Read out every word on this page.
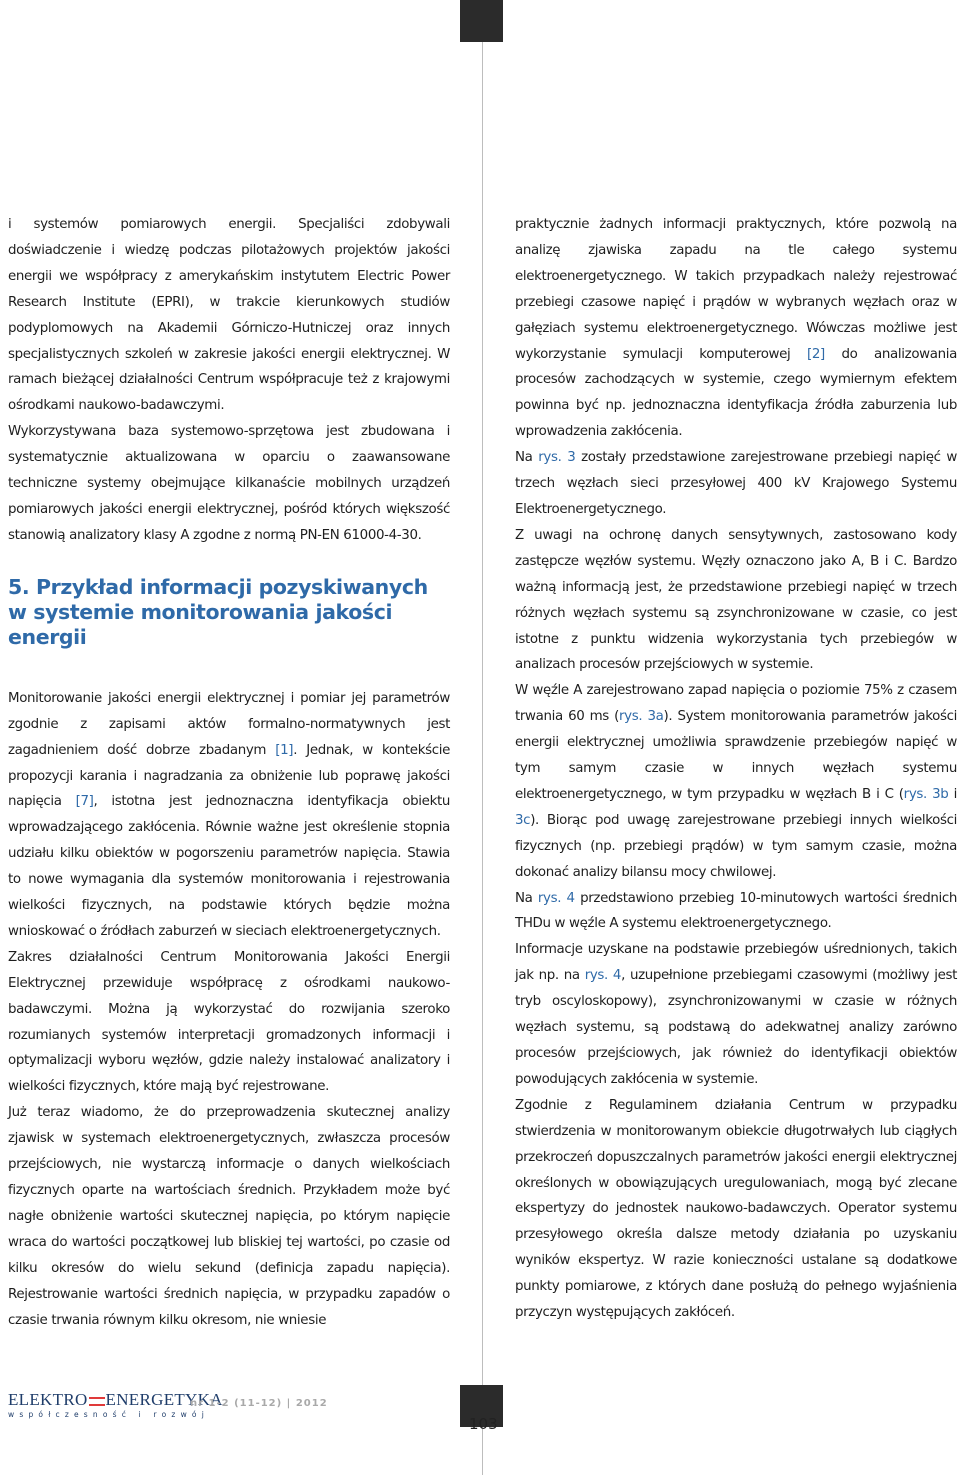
i systemów pomiarowych energii. Specjaliści zdobywali doświadczenie i wiedzę podczas pilotażowych projektów jakości energii we współpracy z amerykańskim instytutem Electric Power Research Institute (EPRI), w trakcie kierunkowych studiów podyplomowych na Akademii Górniczo-Hutniczej oraz innych specjalistycznych szkoleń w zakresie jakości energii elektrycznej. W ramach bieżącej działalności Centrum współpracuje też z krajowymi ośrodkami naukowo-badawczymi.

Wykorzystywana baza systemowo-sprzętowa jest zbudowana i systematycznie aktualizowana w oparciu o zaawansowane techniczne systemy obejmujące kilkanaście mobilnych urządzeń pomiarowych jakości energii elektrycznej, pośród których większość stanowią analizatory klasy A zgodne z normą PN-EN 61000-4-30.

5. Przykład informacji pozyskiwanych w systemie monitorowania jakości energii

Monitorowanie jakości energii elektrycznej i pomiar jej parametrów zgodnie z zapisami aktów formalno-normatywnych jest zagadnieniem dość dobrze zbadanym [1]. Jednak, w kontekście propozycji karania i nagradzania za obniżenie lub poprawę jakości napięcia [7], istotna jest jednoznaczna identyfikacja obiektu wprowadzającego zakłócenia. Równie ważne jest określenie stopnia udziału kilku obiektów w pogorszeniu parametrów napięcia. Stawia to nowe wymagania dla systemów monitorowania i rejestrowania wielkości fizycznych, na podstawie których będzie można wnioskować o źródłach zaburzeń w sieciach elektroenergetycznych.

Zakres działalności Centrum Monitorowania Jakości Energii Elektrycznej przewiduje współpracę z ośrodkami naukowo-badawczymi. Można ją wykorzystać do rozwijania szeroko rozumianych systemów interpretacji gromadzonych informacji i optymalizacji wyboru węzłów, gdzie należy instalować analizatory i wielkości fizycznych, które mają być rejestrowane.

Już teraz wiadomo, że do przeprowadzenia skutecznej analizy zjawisk w systemach elektroenergetycznych, zwłaszcza procesów przejściowych, nie wystarczą informacje o danych wielkościach fizycznych oparte na wartościach średnich. Przykładem może być nagłe obniżenie wartości skutecznej napięcia, po którym napięcie wraca do wartości początkowej lub bliskiej tej wartości, po czasie od kilku okresów do wielu sekund (definicja zapadu napięcia). Rejestrowanie wartości średnich napięcia, w przypadku zapadów o czasie trwania równym kilku okresom, nie wniesie

praktycznie żadnych informacji praktycznych, które pozwolą na analizę zjawiska zapadu na tle całego systemu elektroenergetycznego. W takich przypadkach należy rejestrować przebiegi czasowe napięć i prądów w wybranych węzłach oraz w gałęziach systemu elektroenergetycznego. Wówczas możliwe jest wykorzystanie symulacji komputerowej [2] do analizowania procesów zachodzących w systemie, czego wymiernym efektem powinna być np. jednoznaczna identyfikacja źródła zaburzenia lub wprowadzenia zakłócenia.

Na rys. 3 zostały przedstawione zarejestrowane przebiegi napięć w trzech węzłach sieci przesyłowej 400 kV Krajowego Systemu Elektroenergetycznego.

Z uwagi na ochronę danych sensytywnych, zastosowano kody zastępcze węzłów systemu. Węzły oznaczono jako A, B i C. Bardzo ważną informacją jest, że przedstawione przebiegi napięć w trzech różnych węzłach systemu są zsynchronizowane w czasie, co jest istotne z punktu widzenia wykorzystania tych przebiegów w analizach procesów przejściowych w systemie.

W węźle A zarejestrowano zapad napięcia o poziomie 75% z czasem trwania 60 ms (rys. 3a). System monitorowania parametrów jakości energii elektrycznej umożliwia sprawdzenie przebiegów napięć w tym samym czasie w innych węzłach systemu elektroenergetycznego, w tym przypadku w węzłach B i C (rys. 3b i 3c). Biorąc pod uwagę zarejestrowane przebiegi innych wielkości fizycznych (np. przebiegi prądów) w tym samym czasie, można dokonać analizy bilansu mocy chwilowej.

Na rys. 4 przedstawiono przebieg 10-minutowych wartości średnich THDu w węźle A systemu elektroenergetycznego.

Informacje uzyskane na podstawie przebiegów uśrednionych, takich jak np. na rys. 4, uzupełnione przebiegami czasowymi (możliwy jest tryb oscyloskopowy), zsynchronizowanymi w czasie w różnych węzłach systemu, są podstawą do adekwatnej analizy zarówno procesów przejściowych, jak również do identyfikacji obiektów powodujących zakłócenia w systemie.

Zgodnie z Regulaminem działania Centrum w przypadku stwierdzenia w monitorowanym obiekcie długotrwałych lub ciągłych przekroczeń dopuszczalnych parametrów jakości energii elektrycznej określonych w obowiązujących uregulowaniach, mogą być zlecane ekspertyzy do jednostek naukowo-badawczych. Operator systemu przesyłowego określa dalsze metody działania po uzyskaniu wyników ekspertyz. W razie konieczności ustalane są dodatkowe punkty pomiarowe, z których dane posłużą do pełnego wyjaśnienia przyczyn występujących zakłóceń.

ELEKTRO ENERGETYKA
współczesność i rozwój
nr 1-2 (11-12) | 2012
103
